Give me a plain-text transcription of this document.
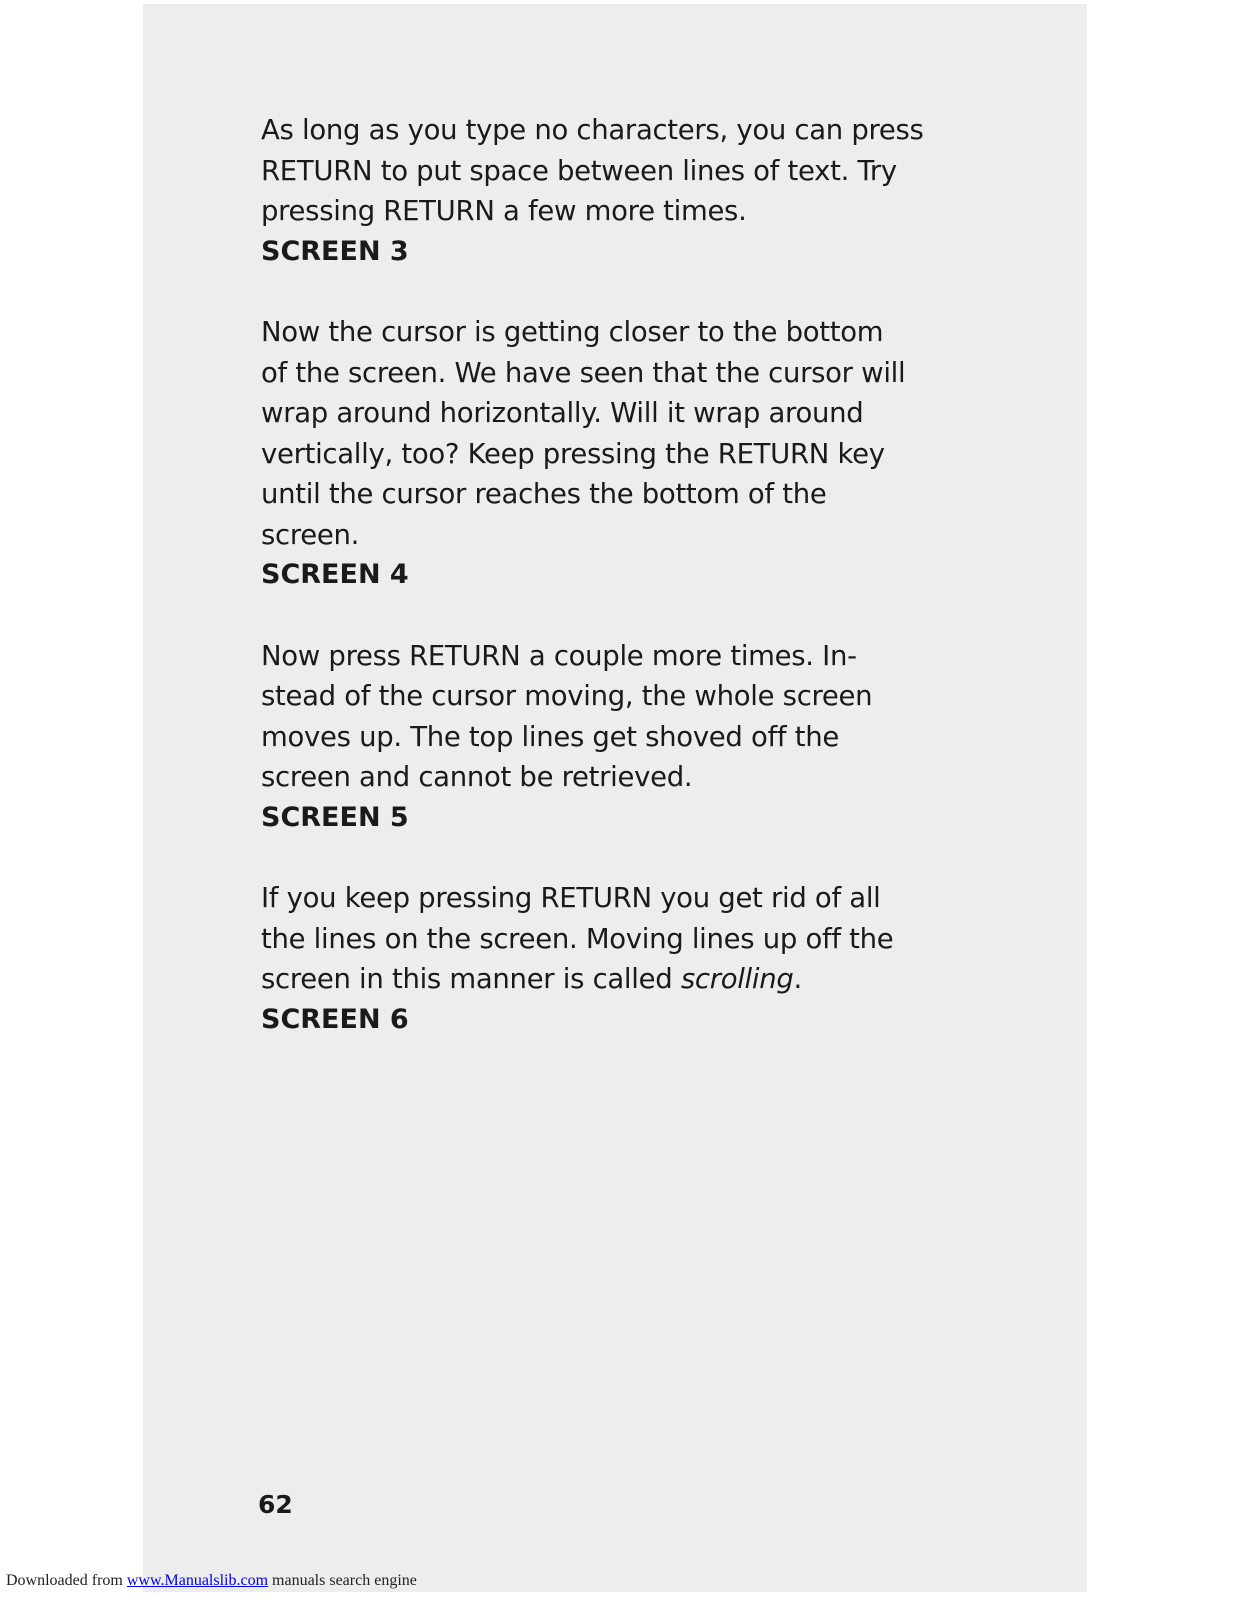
As long as you type no characters, you can press
RETURN to put space between lines of text. Try
pressing RETURN a few more times.

SCREEN 3

Now the cursor is getting closer to the bottom
of the screen. We have seen that the cursor will
wrap around horizontally. Will it wrap around
vertically, too? Keep pressing the RETURN key
until the cursor reaches the bottom of the
screen.

SCREEN 4

Now press RETURN a couple more times. In-
stead of the cursor moving, the whole screen
moves up. The top lines get shoved off the
screen and cannot be retrieved.

SCREEN 5

If you keep pressing RETURN you get rid of all
the lines on the screen. Moving lines up off the
screen in this manner is called scrolling.

SCREEN 6
62
Downloaded from www.Manualslib.com manuals search engine
